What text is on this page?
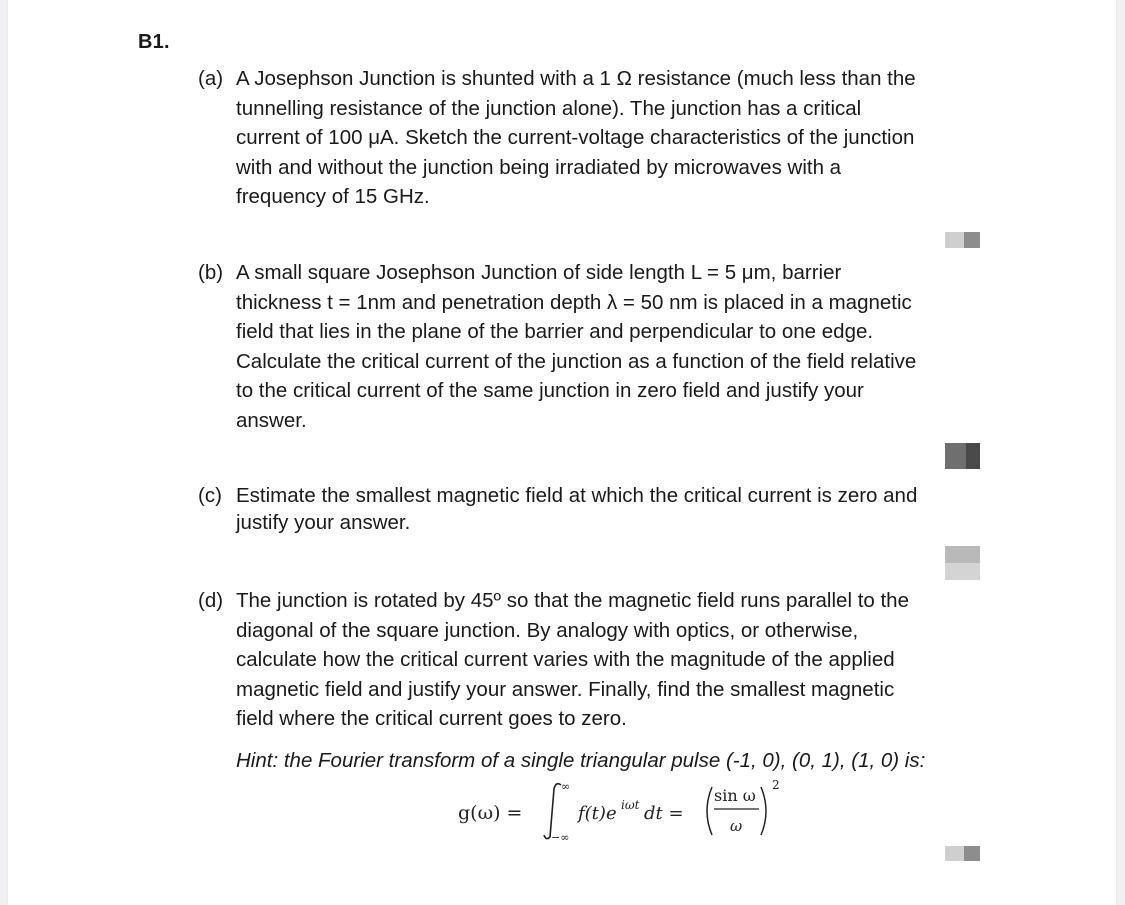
B1.
(a) A Josephson Junction is shunted with a 1 Ω resistance (much less than the
tunnelling resistance of the junction alone). The junction has a critical
current of 100 μA. Sketch the current-voltage characteristics of the junction
with and without the junction being irradiated by microwaves with a
frequency of 15 GHz.
(b) A small square Josephson Junction of side length L = 5 μm, barrier
thickness t = 1nm and penetration depth λ = 50 nm is placed in a magnetic
field that lies in the plane of the barrier and perpendicular to one edge.
Calculate the critical current of the junction as a function of the field relative
to the critical current of the same junction in zero field and justify your
answer.
(c) Estimate the smallest magnetic field at which the critical current is zero and
justify your answer.
(d) The junction is rotated by 45º so that the magnetic field runs parallel to the
diagonal of the square junction. By analogy with optics, or otherwise,
calculate how the critical current varies with the magnitude of the applied
magnetic field and justify your answer. Finally, find the smallest magnetic
field where the critical current goes to zero.
Hint: the Fourier transform of a single triangular pulse (-1, 0), (0, 1), (1, 0) is:
g(ω) =
∞
−∞
f(t)e iωt dt =
sin ω
ω
2
